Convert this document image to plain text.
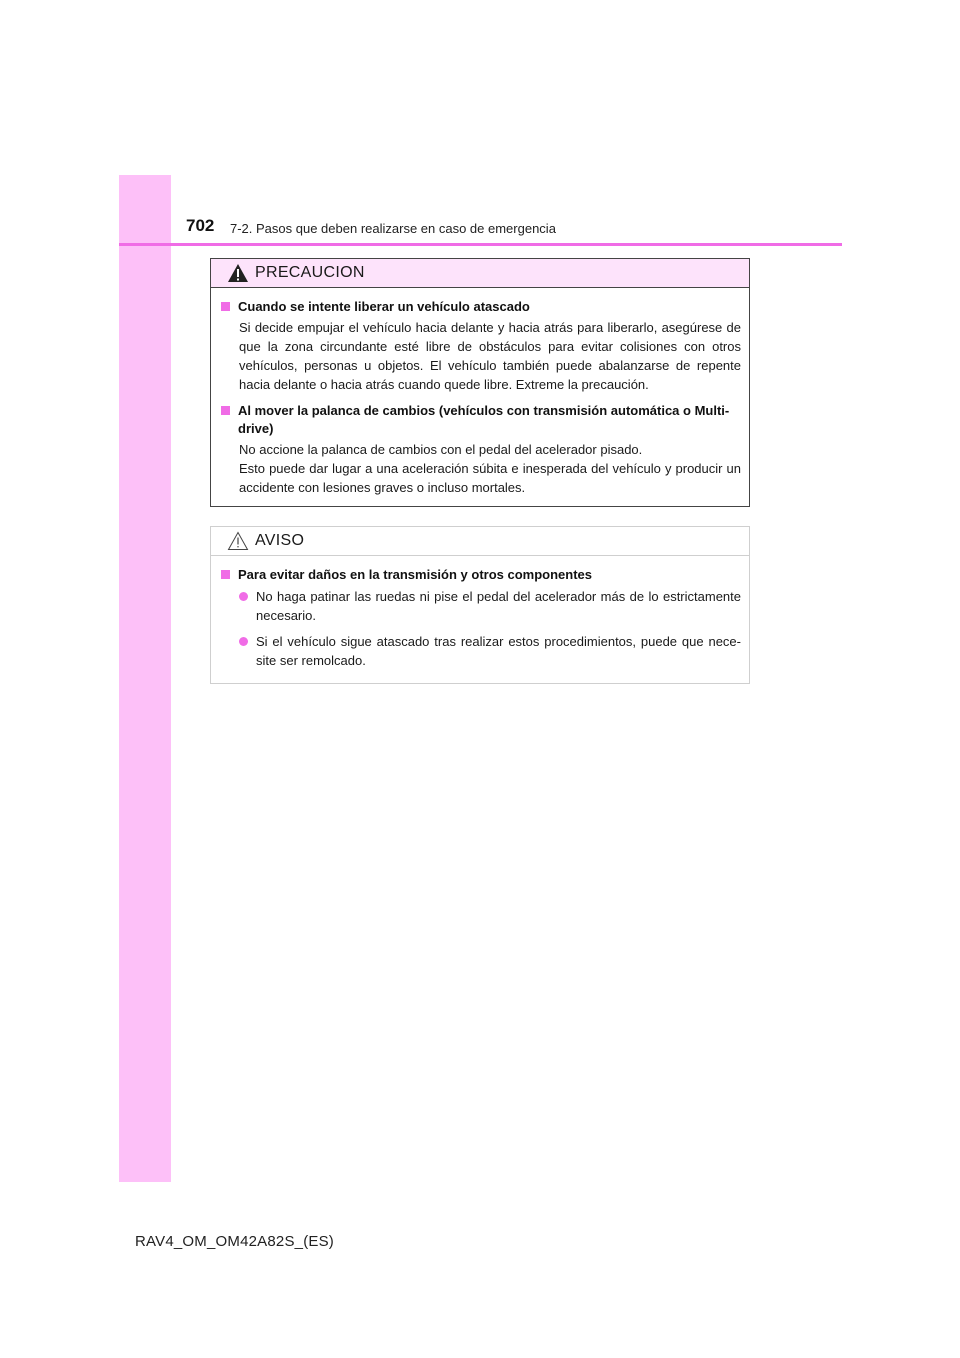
702 7-2. Pasos que deben realizarse en caso de emergencia
PRECAUCION
Cuando se intente liberar un vehículo atascado
Si decide empujar el vehículo hacia delante y hacia atrás para liberarlo, asegúrese de que la zona circundante esté libre de obstáculos para evitar colisiones con otros vehículos, personas u objetos. El vehículo también puede abalanzarse de repente hacia delante o hacia atrás cuando quede libre. Extreme la precaución.
Al mover la palanca de cambios (vehículos con transmisión automática o Multi-drive)
No accione la palanca de cambios con el pedal del acelerador pisado.
Esto puede dar lugar a una aceleración súbita e inesperada del vehículo y producir un accidente con lesiones graves o incluso mortales.
AVISO
Para evitar daños en la transmisión y otros componentes
No haga patinar las ruedas ni pise el pedal del acelerador más de lo estrictamente necesario.
Si el vehículo sigue atascado tras realizar estos procedimientos, puede que nece-site ser remolcado.
RAV4_OM_OM42A82S_(ES)
